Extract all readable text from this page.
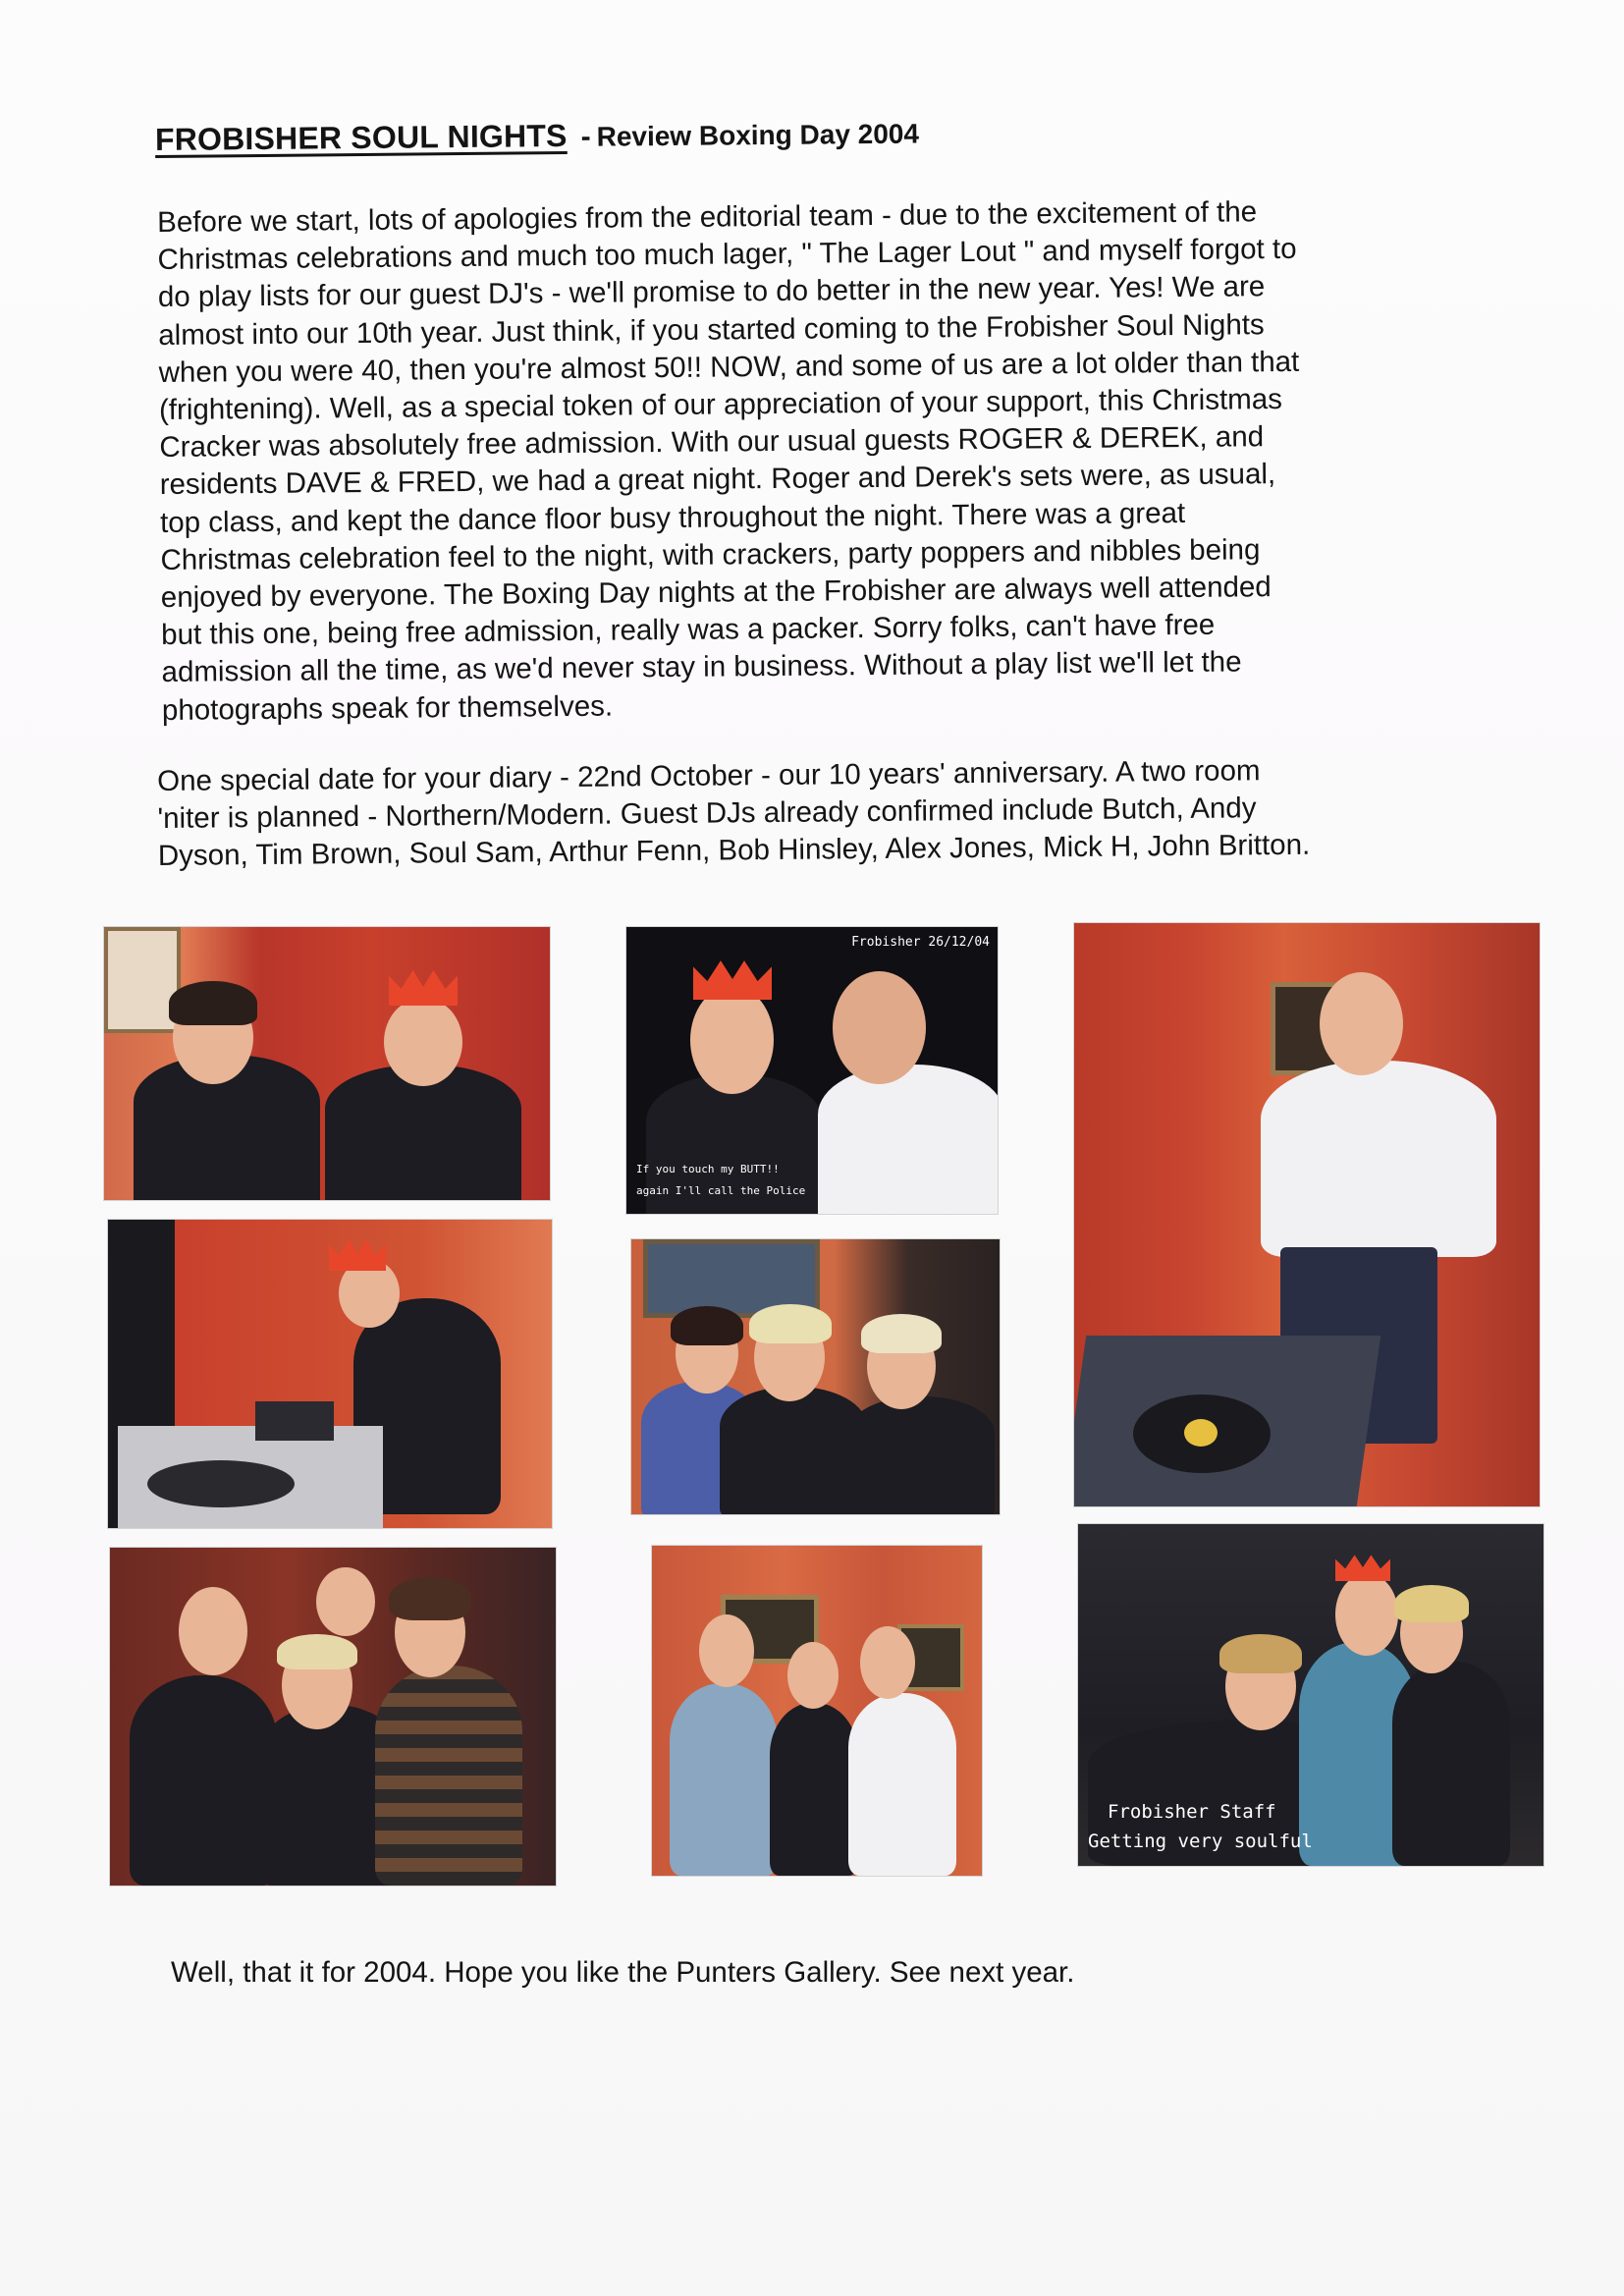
FROBISHER SOUL NIGHTS - Review Boxing Day 2004
Before we start, lots of apologies from the editorial team - due to the excitement of the
Christmas celebrations and much too much lager, " The Lager Lout " and myself forgot to
do play lists for our guest DJ's - we'll promise to do better in the new year. Yes! We are
almost into our 10th year. Just think, if you started coming to the Frobisher Soul Nights
when you were 40, then you're almost 50!! NOW, and some of us are a lot older than that
(frightening). Well, as a special token of our appreciation of your support, this Christmas
Cracker was absolutely free admission. With our usual guests ROGER & DEREK, and
residents DAVE & FRED, we had a great night. Roger and Derek's sets were, as usual,
top class, and kept the dance floor busy throughout the night. There was a great
Christmas celebration feel to the night, with crackers, party poppers and nibbles being
enjoyed by everyone. The Boxing Day nights at the Frobisher are always well attended
but this one, being free admission, really was a packer. Sorry folks, can't have free
admission all the time, as we'd never stay in business. Without a play list we'll let the
photographs speak for themselves.
One special date for your diary - 22nd October - our 10 years' anniversary. A two room
'niter is planned - Northern/Modern. Guest DJs already confirmed include Butch, Andy
Dyson, Tim Brown, Soul Sam, Arthur Fenn, Bob Hinsley, Alex Jones, Mick H, John Britton.
Frobisher 26/12/04
If you touch my BUTT!!
again I'll call the Police
Frobisher Staff
Getting very soulful
Well, that it for 2004. Hope you like the Punters Gallery. See next year.
